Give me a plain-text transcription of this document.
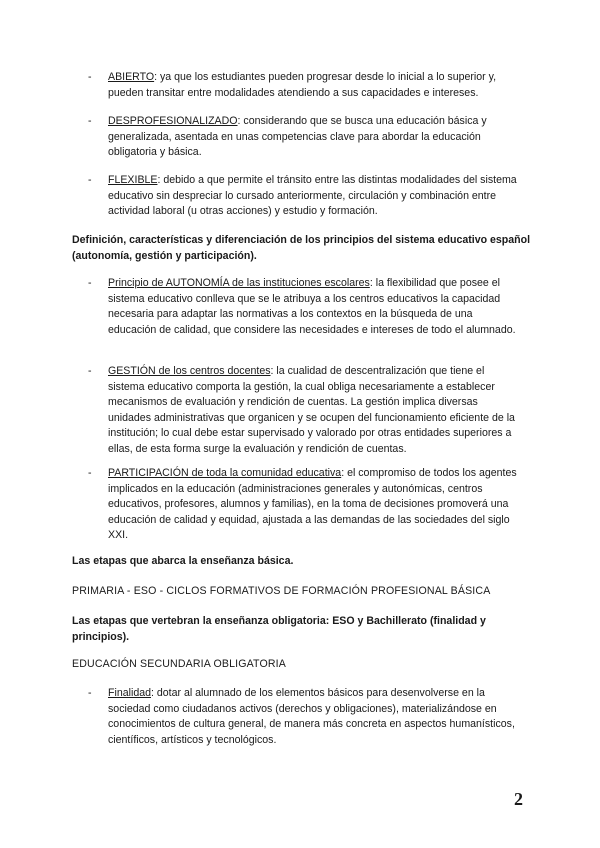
- ABIERTO: ya que los estudiantes pueden progresar desde lo inicial a lo superior y, pueden transitar entre modalidades atendiendo a sus capacidades e intereses.
- DESPROFESIONALIZADO: considerando que se busca una educación básica y generalizada, asentada en unas competencias clave para abordar la educación obligatoria y básica.
- FLEXIBLE: debido a que permite el tránsito entre las distintas modalidades del sistema educativo sin despreciar lo cursado anteriormente, circulación y combinación entre actividad laboral (u otras acciones) y estudio y formación.
Definición, características y diferenciación de los principios del sistema educativo español (autonomía, gestión y participación).
- Principio de AUTONOMÍA de las instituciones escolares: la flexibilidad que posee el sistema educativo conlleva que se le atribuya a los centros educativos la capacidad necesaria para adaptar las normativas a los contextos en la búsqueda de una educación de calidad, que considere las necesidades e intereses de todo el alumnado.
- GESTIÓN de los centros docentes: la cualidad de descentralización que tiene el sistema educativo comporta la gestión, la cual obliga necesariamente a establecer mecanismos de evaluación y rendición de cuentas. La gestión implica diversas unidades administrativas que organicen y se ocupen del funcionamiento eficiente de la institución; lo cual debe estar supervisado y valorado por otras entidades superiores a ellas, de esta forma surge la evaluación y rendición de cuentas.
- PARTICIPACIÓN de toda la comunidad educativa: el compromiso de todos los agentes implicados en la educación (administraciones generales y autonómicas, centros educativos, profesores, alumnos y familias), en la toma de decisiones promoverá una educación de calidad y equidad, ajustada a las demandas de las sociedades del siglo XXI.
Las etapas que abarca la enseñanza básica.
PRIMARIA - ESO - CICLOS FORMATIVOS DE FORMACIÓN PROFESIONAL BÁSICA
Las etapas que vertebran la enseñanza obligatoria: ESO y Bachillerato (finalidad y principios).
EDUCACIÓN SECUNDARIA OBLIGATORIA
- Finalidad: dotar al alumnado de los elementos básicos para desenvolverse en la sociedad como ciudadanos activos (derechos y obligaciones), materializándose en conocimientos de cultura general, de manera más concreta en aspectos humanísticos, científicos, artísticos y tecnológicos.
2
